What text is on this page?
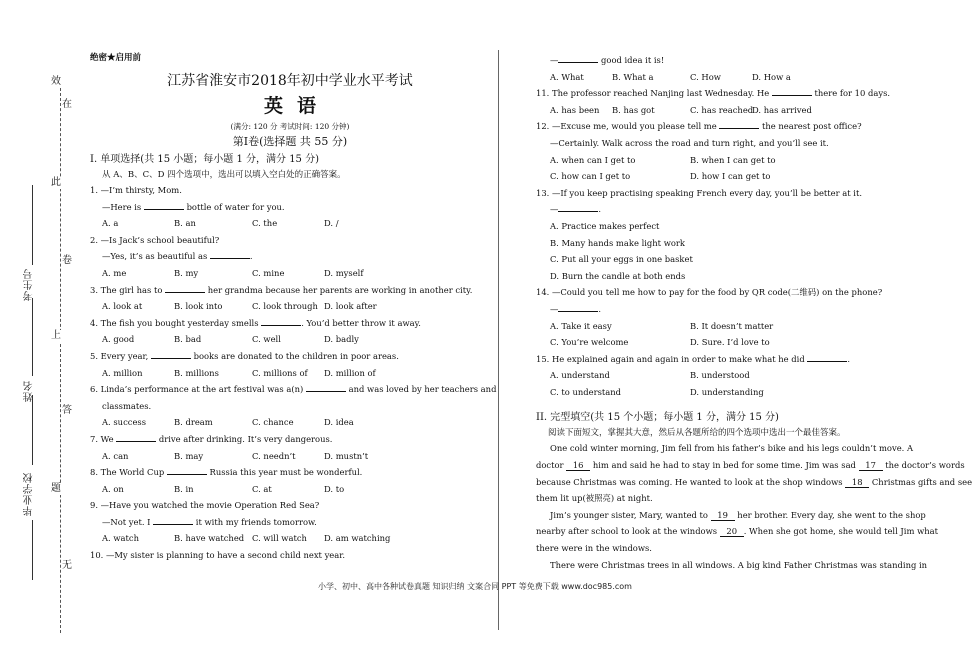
效
在
此
卷
上
答
题
无
考生号
姓名
毕业学校
绝密★启用前
江苏省淮安市2018年初中学业水平考试
英语
(满分: 120 分 考试时间: 120 分钟)
第Ⅰ卷(选择题 共 55 分)
Ⅰ. 单项选择(共 15 小题；每小题 1 分，满分 15 分)
从 A、B、C、D 四个选项中，选出可以填入空白处的正确答案。
1. —I’m thirsty, Mom.
—Here is	bottle of water for you.
A. a	B. an	C. the	D. /
2. —Is Jack’s school beautiful?
—Yes, it’s as beautiful as	.
A. me	B. my	C. mine	D. myself
3. The girl has to	her grandma because her parents are working in another city.
A. look at	B. look into	C. look through D. look after
4. The fish you bought yesterday smells	. You’d better throw it away.
A. good	B. bad	C. well	D. badly
5. Every year,	books are donated to the children in poor areas.
A. million	B. millions	C. millions of	D. million of
6. Linda’s performance at the art festival was a(n)	and was loved by her teachers and
classmates.
A. success	B. dream	C. chance	D. idea
7. We	drive after drinking. It’s very dangerous.
A. can	B. may	C. needn’t	D. mustn’t
8. The World Cup	Russia this year must be wonderful.
A. on	B. in	C. at	D. to
9. —Have you watched the movie Operation Red Sea?
—Not yet. I	it with my friends tomorrow.
A. watch	B. have watched C. will watch	D. am watching
10. —My sister is planning to have a second child next year.
—	good idea it is!
A. What	B. What a	C. How	D. How a
11. The professor reached Nanjing last Wednesday. He	there for 10 days.
A. has been	B. has got	C. has reached
D. has arrived
12. —Excuse me, would you please tell me	the nearest post office?
—Certainly. Walk across the road and turn right, and you’ll see it.
A. when can I get to	B. when I can get to
C. how can I get to	D. how I can get to
13. —If you keep practising speaking French every day, you’ll be better at it.
—	.
A. Practice makes perfect
B. Many hands make light work
C. Put all your eggs in one basket
D. Burn the candle at both ends
14. —Could you tell me how to pay for the food by QR code(二维码) on the phone?
—	.
A. Take it easy	B. It doesn’t matter
C. You’re welcome	D. Sure. I’d love to
15. He explained again and again in order to make what he did	.
A. understand	B. understood
C. to understand	D. understanding
II. 完型填空(共 15 个小题；每小题 1 分，满分 15 分)
阅读下面短文，掌握其大意，然后从各题所给的四个选项中选出一个最佳答案。
One cold winter morning, Jim fell from his father’s bike and his legs couldn’t move. A
doctor 16 him and said he had to stay in bed for some time. Jim was sad 17 the doctor’s words
because Christmas was coming. He wanted to look at the shop windows 18 Christmas gifts and see
them lit up(被照亮) at night.
Jim’s younger sister, Mary, wanted to 19 her brother. Every day, she went to the shop
nearby after school to look at the windows 20 . When she got home, she would tell Jim what
there were in the windows.
There were Christmas trees in all windows. A big kind Father Christmas was standing in
小学、初中、高中各种试卷真题 知识归纳 文案合同 PPT 等免费下载 www.doc985.com
